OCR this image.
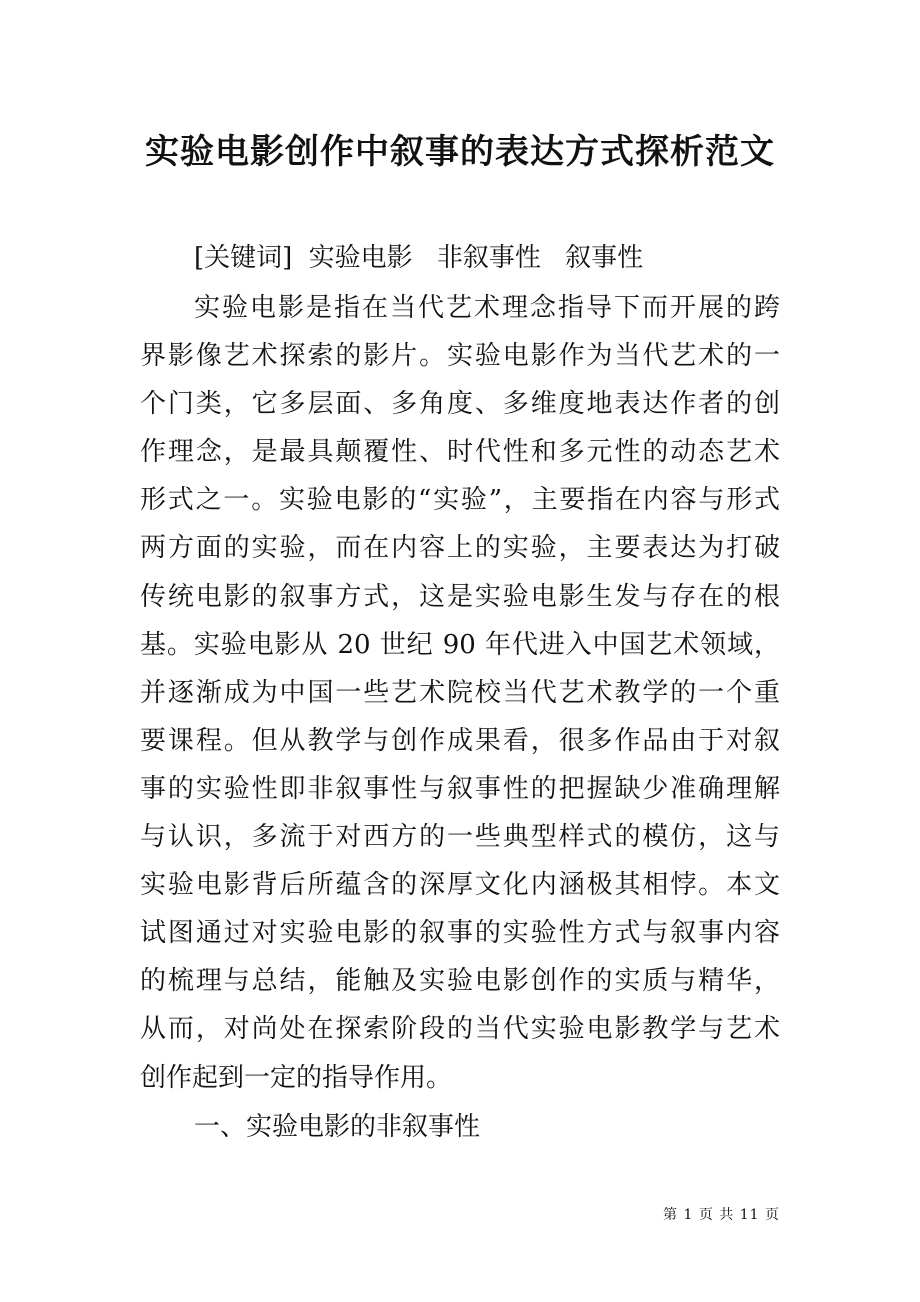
实验电影创作中叙事的表达方式探析范文
[关键词] 实验电影 非叙事性 叙事性
实验电影是指在当代艺术理念指导下而开展的跨
界影像艺术探索的影片。实验电影作为当代艺术的一
个门类，它多层面、多角度、多维度地表达作者的创
作理念，是最具颠覆性、时代性和多元性的动态艺术
形式之一。实验电影的“实验”，主要指在内容与形式
两方面的实验，而在内容上的实验，主要表达为打破
传统电影的叙事方式，这是实验电影生发与存在的根
基。实验电影从 20 世纪 90 年代进入中国艺术领域，
并逐渐成为中国一些艺术院校当代艺术教学的一个重
要课程。但从教学与创作成果看，很多作品由于对叙
事的实验性即非叙事性与叙事性的把握缺少准确理解
与认识，多流于对西方的一些典型样式的模仿，这与
实验电影背后所蕴含的深厚文化内涵极其相悖。本文
试图通过对实验电影的叙事的实验性方式与叙事内容
的梳理与总结，能触及实验电影创作的实质与精华，
从而，对尚处在探索阶段的当代实验电影教学与艺术
创作起到一定的指导作用。
一、实验电影的非叙事性
第 1 页 共 11 页
